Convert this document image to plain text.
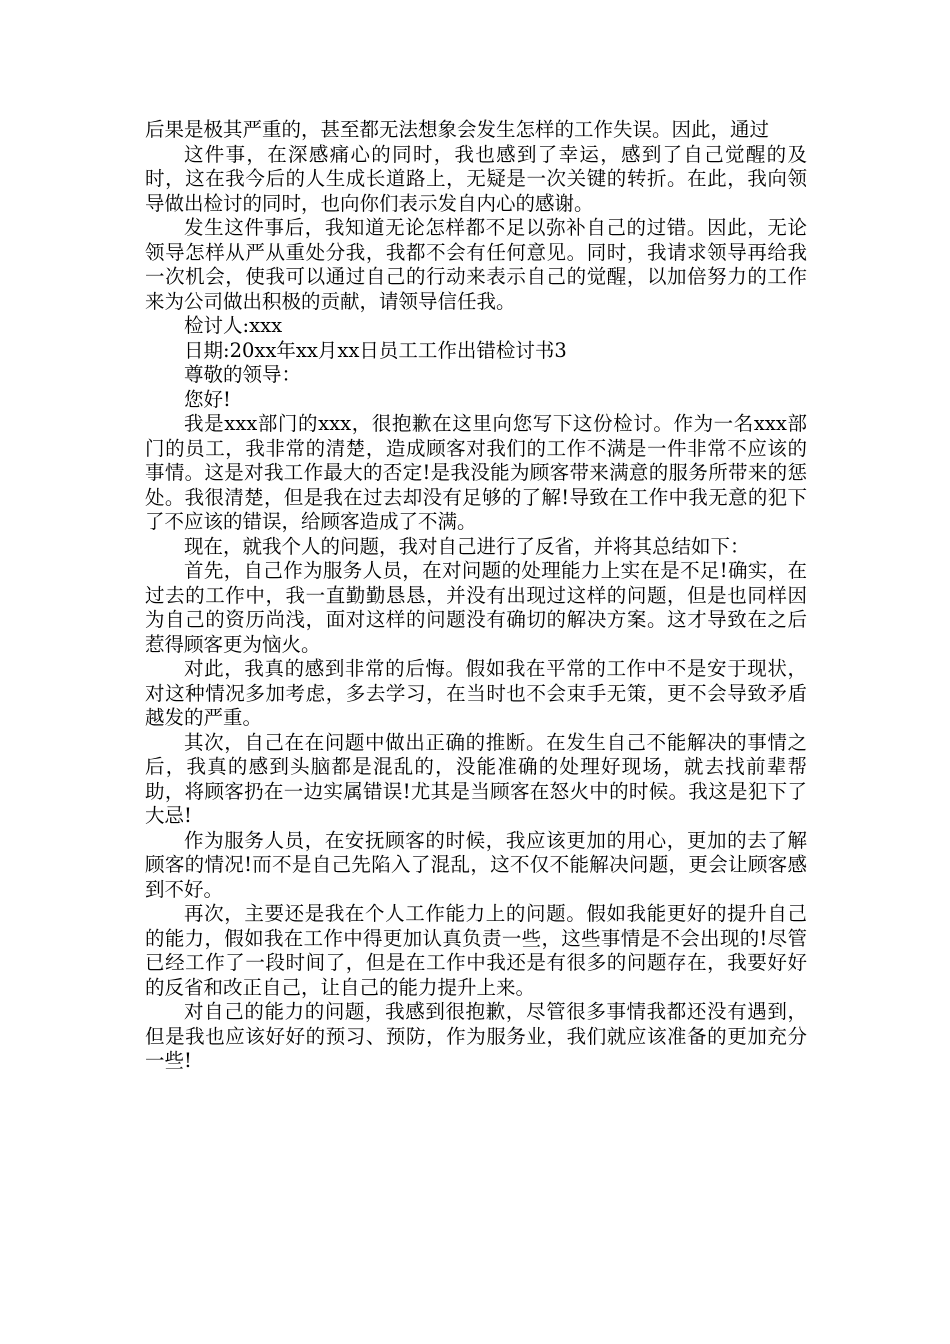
后果是极其严重的，甚至都无法想象会发生怎样的工作失误。因此，通过

这件事，在深感痛心的同时，我也感到了幸运，感到了自己觉醒的及时，这在我今后的人生成长道路上，无疑是一次关键的转折。在此，我向领导做出检讨的同时，也向你们表示发自内心的感谢。

发生这件事后，我知道无论怎样都不足以弥补自己的过错。因此，无论领导怎样从严从重处分我，我都不会有任何意见。同时，我请求领导再给我一次机会，使我可以通过自己的行动来表示自己的觉醒，以加倍努力的工作来为公司做出积极的贡献，请领导信任我。

检讨人:xxx

日期:20xx年xx月xx日员工工作出错检讨书3

尊敬的领导：

您好!

我是xxx部门的xxx，很抱歉在这里向您写下这份检讨。作为一名xxx部门的员工，我非常的清楚，造成顾客对我们的工作不满是一件非常不应该的事情。这是对我工作最大的否定!是我没能为顾客带来满意的服务所带来的惩处。我很清楚，但是我在过去却没有足够的了解!导致在工作中我无意的犯下了不应该的错误，给顾客造成了不满。

现在，就我个人的问题，我对自己进行了反省，并将其总结如下：

首先，自己作为服务人员，在对问题的处理能力上实在是不足!确实，在过去的工作中，我一直勤勤恳恳，并没有出现过这样的问题，但是也同样因为自己的资历尚浅，面对这样的问题没有确切的解决方案。这才导致在之后惹得顾客更为恼火。

对此，我真的感到非常的后悔。假如我在平常的工作中不是安于现状，对这种情况多加考虑，多去学习，在当时也不会束手无策，更不会导致矛盾越发的严重。

其次，自己在在问题中做出正确的推断。在发生自己不能解决的事情之后，我真的感到头脑都是混乱的，没能准确的处理好现场，就去找前辈帮助，将顾客扔在一边实属错误!尤其是当顾客在怒火中的时候。我这是犯下了大忌!

作为服务人员，在安抚顾客的时候，我应该更加的用心，更加的去了解顾客的情况!而不是自己先陷入了混乱，这不仅不能解决问题，更会让顾客感到不好。

再次，主要还是我在个人工作能力上的问题。假如我能更好的提升自己的能力，假如我在工作中得更加认真负责一些，这些事情是不会出现的!尽管已经工作了一段时间了，但是在工作中我还是有很多的问题存在，我要好好的反省和改正自己，让自己的能力提升上来。

对自己的能力的问题，我感到很抱歉，尽管很多事情我都还没有遇到，但是我也应该好好的预习、预防，作为服务业，我们就应该准备的更加充分一些!
